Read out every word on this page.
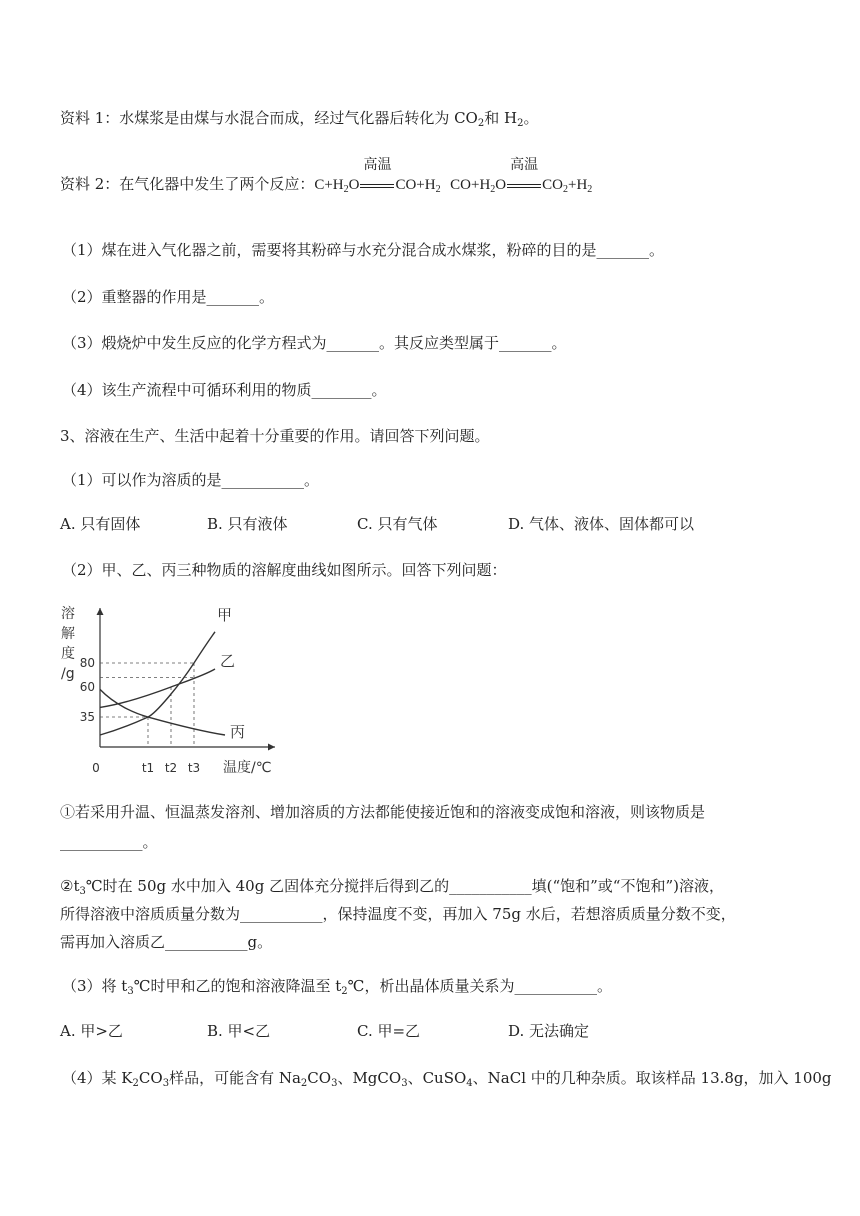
资料 1：水煤浆是由煤与水混合而成，经过气化器后转化为 $CO_2$和 $H_2$。
资料 2：在气化器中发生了两个反应：$C+H_2O$
高温
$CO+H_2$ $CO+H_2O$
高温
$CO_2+H_2$
（1）煤在进入气化器之前，需要将其粉碎与水充分混合成水煤浆，粉碎的目的是_______。
（2）重整器的作用是_______。
（3）煅烧炉中发生反应的化学方程式为_______。其反应类型属于_______。
（4）该生产流程中可循环利用的物质________。
3、溶液在生产、生活中起着十分重要的作用。请回答下列问题。
（1）可以作为溶质的是___________。
A. 只有固体	B. 只有液体	C. 只有气体	D. 气体、液体、固体都可以
（2）甲、乙、丙三种物质的溶解度曲线如图所示。回答下列问题：
溶
解
度
/g
80
60
35
0	t1 t2 t3 温度/℃
甲
乙
丙
①若采用升温、恒温蒸发溶剂、增加溶质的方法都能使接近饱和的溶液变成饱和溶液，则该物质是
___________。
$②t_3℃$时在 50g 水中加入 40g 乙固体充分搅拌后得到乙的___________填(“饱和”或“不饱和”)溶液，
所得溶液中溶质质量分数为___________，保持温度不变，再加入 75g 水后，若想溶质质量分数不变，
需再加入溶质乙___________g。
（3）将 $t_3℃$时甲和乙的饱和溶液降温至 $t_2℃$，析出晶体质量关系为___________。
A. 甲>乙	B. 甲<乙	C. 甲=乙	D. 无法确定
（4）某 $K_2CO_3$样品，可能含有 $Na_2CO_3$、MgCO$_3$、CuSO$_4$、NaCl 中的几种杂质。取该样品 13.8g，加入 100g
